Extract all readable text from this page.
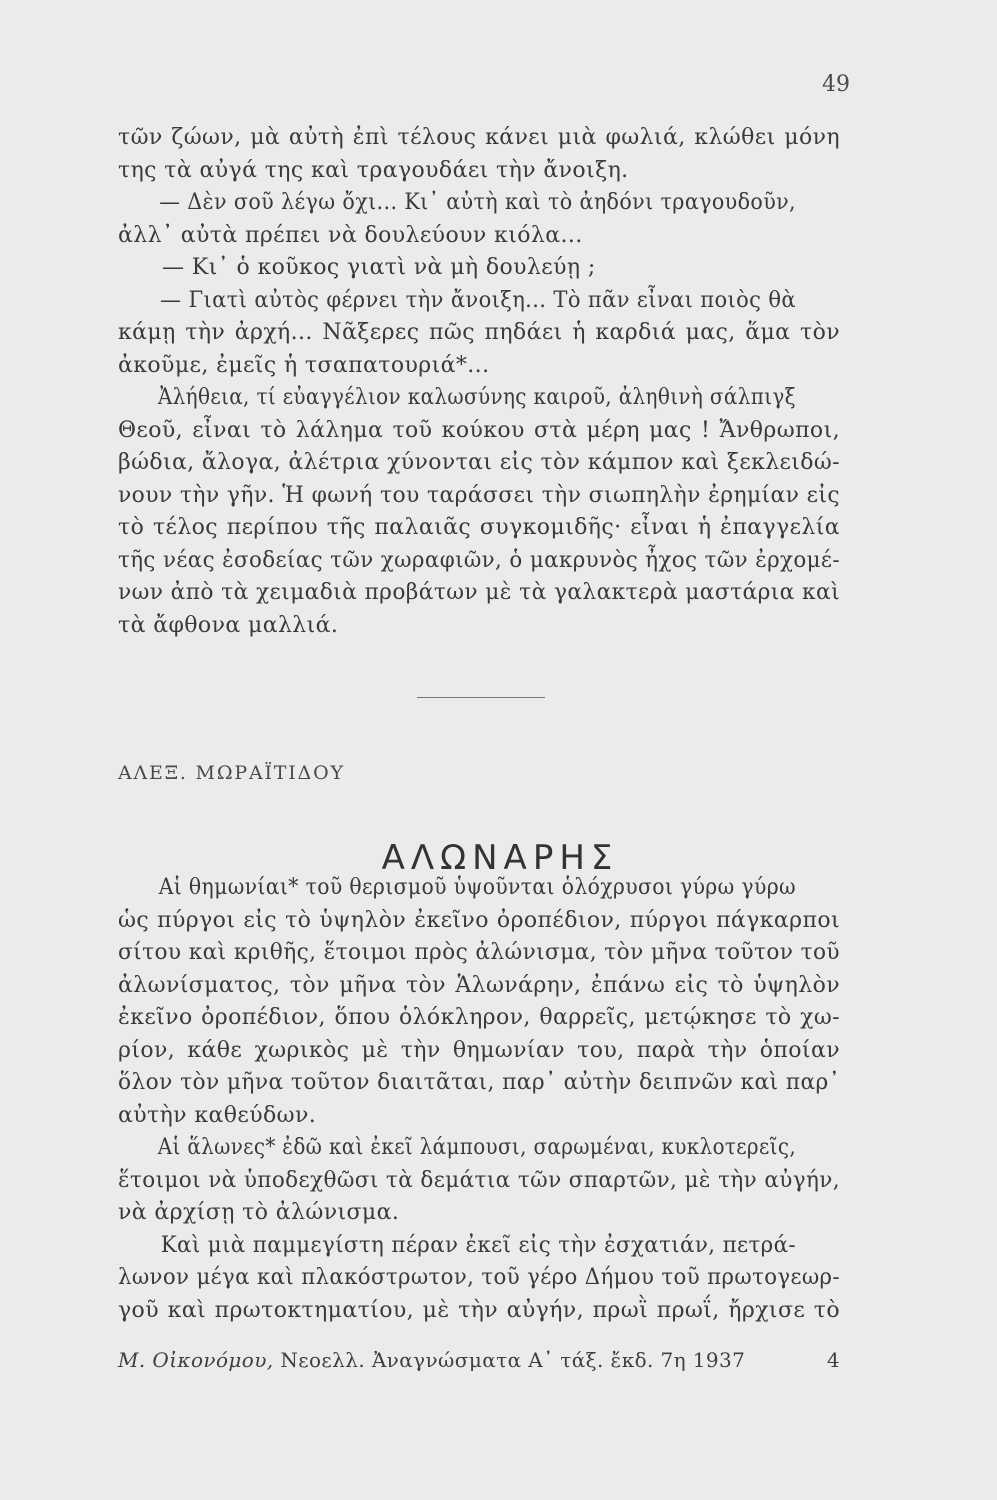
49
τῶν ζώων, μὰ αὐτὴ ἐπὶ τέλους κάνει μιὰ φωλιά, κλώθει μόνη
της τὰ αὐγά της καὶ τραγουδάει τὴν ἄνοιξη.
— Δὲν σοῦ λέγω ὄχι... Κι᾽ αὐτὴ καὶ τὸ ἀηδόνι τραγουδοῦν,
ἀλλ᾽ αὐτὰ πρέπει νὰ δουλεύουν κιόλα...
— Κι᾽ ὁ κοῦκος γιατὶ νὰ μὴ δουλεύῃ ;
— Γιατὶ αὐτὸς φέρνει τὴν ἄνοιξη... Τὸ πᾶν εἶναι ποιὸς θὰ
κάμῃ τὴν ἀρχή... Νᾶξερες πῶς πηδάει ἡ καρδιά μας, ἅμα τὸν
ἀκοῦμε, ἐμεῖς ἡ τσαπατουριά*...
Ἀλήθεια, τί εὐαγγέλιον καλωσύνης καιροῦ, ἀληθινὴ σάλπιγξ
Θεοῦ, εἶναι τὸ λάλημα τοῦ κούκου στὰ μέρη μας ! Ἄνθρωποι,
βώδια, ἄλογα, ἀλέτρια χύνονται εἰς τὸν κάμπον καὶ ξεκλειδώ-
νουν τὴν γῆν. Ἡ φωνή του ταράσσει τὴν σιωπηλὴν ἐρημίαν εἰς
τὸ τέλος περίπου τῆς παλαιᾶς συγκομιδῆς· εἶναι ἡ ἐπαγγελία
τῆς νέας ἐσοδείας τῶν χωραφιῶν, ὁ μακρυνὸς ἦχος τῶν ἐρχομέ-
νων ἀπὸ τὰ χειμαδιὰ προβάτων μὲ τὰ γαλακτερὰ μαστάρια καὶ
τὰ ἄφθονα μαλλιά.
ΑΛΕΞ. ΜΩΡΑΪΤΙΔΟΥ
ΑΛΩΝΑΡΗΣ
Αἱ θημωνίαι* τοῦ θερισμοῦ ὑψοῦνται ὁλόχρυσοι γύρω γύρω
ὡς πύργοι εἰς τὸ ὑψηλὸν ἐκεῖνο ὀροπέδιον, πύργοι πάγκαρποι
σίτου καὶ κριθῆς, ἕτοιμοι πρὸς ἀλώνισμα, τὸν μῆνα τοῦτον τοῦ
ἀλωνίσματος, τὸν μῆνα τὸν Ἁλωνάρην, ἐπάνω εἰς τὸ ὑψηλὸν
ἐκεῖνο ὀροπέδιον, ὅπου ὁλόκληρον, θαρρεῖς, μετῴκησε τὸ χω-
ρίον, κάθε χωρικὸς μὲ τὴν θημωνίαν του, παρὰ τὴν ὁποίαν
ὅλον τὸν μῆνα τοῦτον διαιτᾶται, παρ᾽ αὐτὴν δειπνῶν καὶ παρ᾽
αὐτὴν καθεύδων.
Αἱ ἅλωνες* ἐδῶ καὶ ἐκεῖ λάμπουσι, σαρωμέναι, κυκλοτερεῖς,
ἕτοιμοι νὰ ὑποδεχθῶσι τὰ δεμάτια τῶν σπαρτῶν, μὲ τὴν αὐγήν,
νὰ ἀρχίσῃ τὸ ἀλώνισμα.
Καὶ μιὰ παμμεγίστη πέραν ἐκεῖ εἰς τὴν ἐσχατιάν, πετρά-
λωνον μέγα καὶ πλακόστρωτον, τοῦ γέρο Δήμου τοῦ πρωτογεωρ-
γοῦ καὶ πρωτοκτηματίου, μὲ τὴν αὐγήν, πρωῒ πρωΐ, ἤρχισε τὸ
Μ. Οἰκονόμου, Νεοελλ. Ἀναγνώσματα Α᾽ τάξ. ἔκδ. 7η 1937	4
